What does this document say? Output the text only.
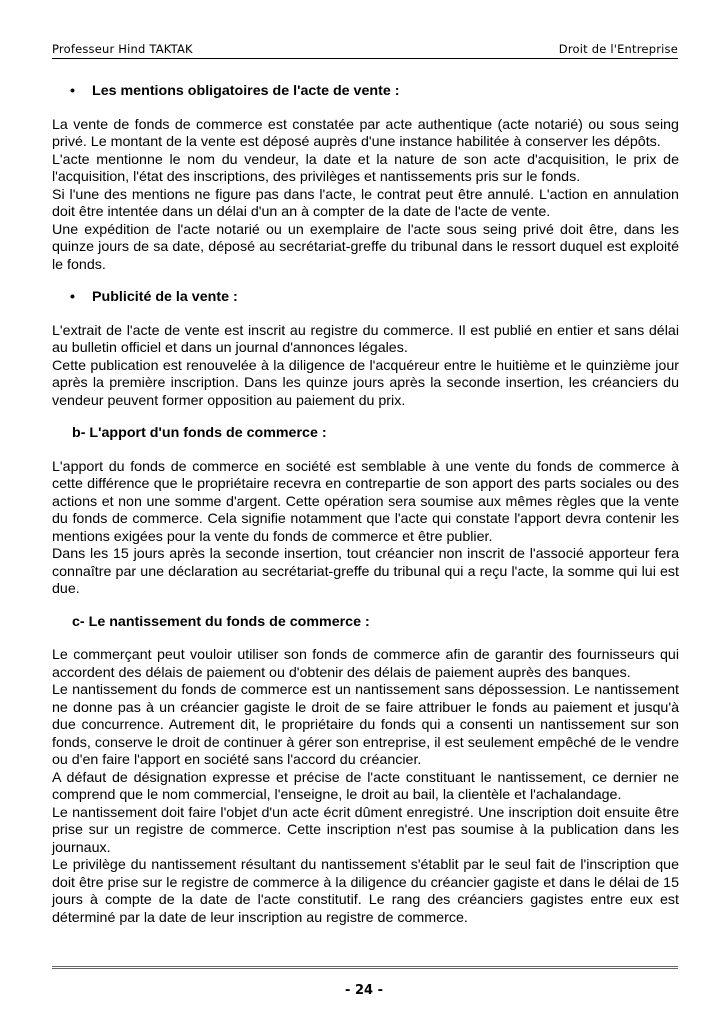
Professeur Hind TAKTAK	Droit de l'Entreprise

• Les mentions obligatoires de l'acte de vente :

La vente de fonds de commerce est constatée par acte authentique (acte notarié) ou sous seing privé. Le montant de la vente est déposé auprès d'une instance habilitée à conserver les dépôts.

L'acte mentionne le nom du vendeur, la date et la nature de son acte d'acquisition, le prix de l'acquisition, l'état des inscriptions, des privilèges et nantissements pris sur le fonds.

Si l'une des mentions ne figure pas dans l'acte, le contrat peut être annulé. L'action en annulation doit être intentée dans un délai d'un an à compter de la date de l'acte de vente.

Une expédition de l'acte notarié ou un exemplaire de l'acte sous seing privé doit être, dans les quinze jours de sa date, déposé au secrétariat-greffe du tribunal dans le ressort duquel est exploité le fonds.

• Publicité de la vente :

L'extrait de l'acte de vente est inscrit au registre du commerce. Il est publié en entier et sans délai au bulletin officiel et dans un journal d'annonces légales.

Cette publication est renouvelée à la diligence de l'acquéreur entre le huitième et le quinzième jour après la première inscription. Dans les quinze jours après la seconde insertion, les créanciers du vendeur peuvent former opposition au paiement du prix.

b- L'apport d'un fonds de commerce :

L'apport du fonds de commerce en société est semblable à une vente du fonds de commerce à cette différence que le propriétaire recevra en contrepartie de son apport des parts sociales ou des actions et non une somme d'argent. Cette opération sera soumise aux mêmes règles que la vente du fonds de commerce. Cela signifie notamment que l'acte qui constate l'apport devra contenir les mentions exigées pour la vente du fonds de commerce et être publier.

Dans les 15 jours après la seconde insertion, tout créancier non inscrit de l'associé apporteur fera connaître par une déclaration au secrétariat-greffe du tribunal qui a reçu l'acte, la somme qui lui est due.

c- Le nantissement du fonds de commerce :

Le commerçant peut vouloir utiliser son fonds de commerce afin de garantir des fournisseurs qui accordent des délais de paiement ou d'obtenir des délais de paiement auprès des banques.

Le nantissement du fonds de commerce est un nantissement sans dépossession. Le nantissement ne donne pas à un créancier gagiste le droit de se faire attribuer le fonds au paiement et jusqu'à due concurrence. Autrement dit, le propriétaire du fonds qui a consenti un nantissement sur son fonds, conserve le droit de continuer à gérer son entreprise, il est seulement empêché de le vendre ou d'en faire l'apport en société sans l'accord du créancier.

A défaut de désignation expresse et précise de l'acte constituant le nantissement, ce dernier ne comprend que le nom commercial, l'enseigne, le droit au bail, la clientèle et l'achalandage.

Le nantissement doit faire l'objet d'un acte écrit dûment enregistré. Une inscription doit ensuite être prise sur un registre de commerce. Cette inscription n'est pas soumise à la publication dans les journaux.

Le privilège du nantissement résultant du nantissement s'établit par le seul fait de l'inscription que doit être prise sur le registre de commerce à la diligence du créancier gagiste et dans le délai de 15 jours à compte de la date de l'acte constitutif. Le rang des créanciers gagistes entre eux est déterminé par la date de leur inscription au registre de commerce.

- 24 -
